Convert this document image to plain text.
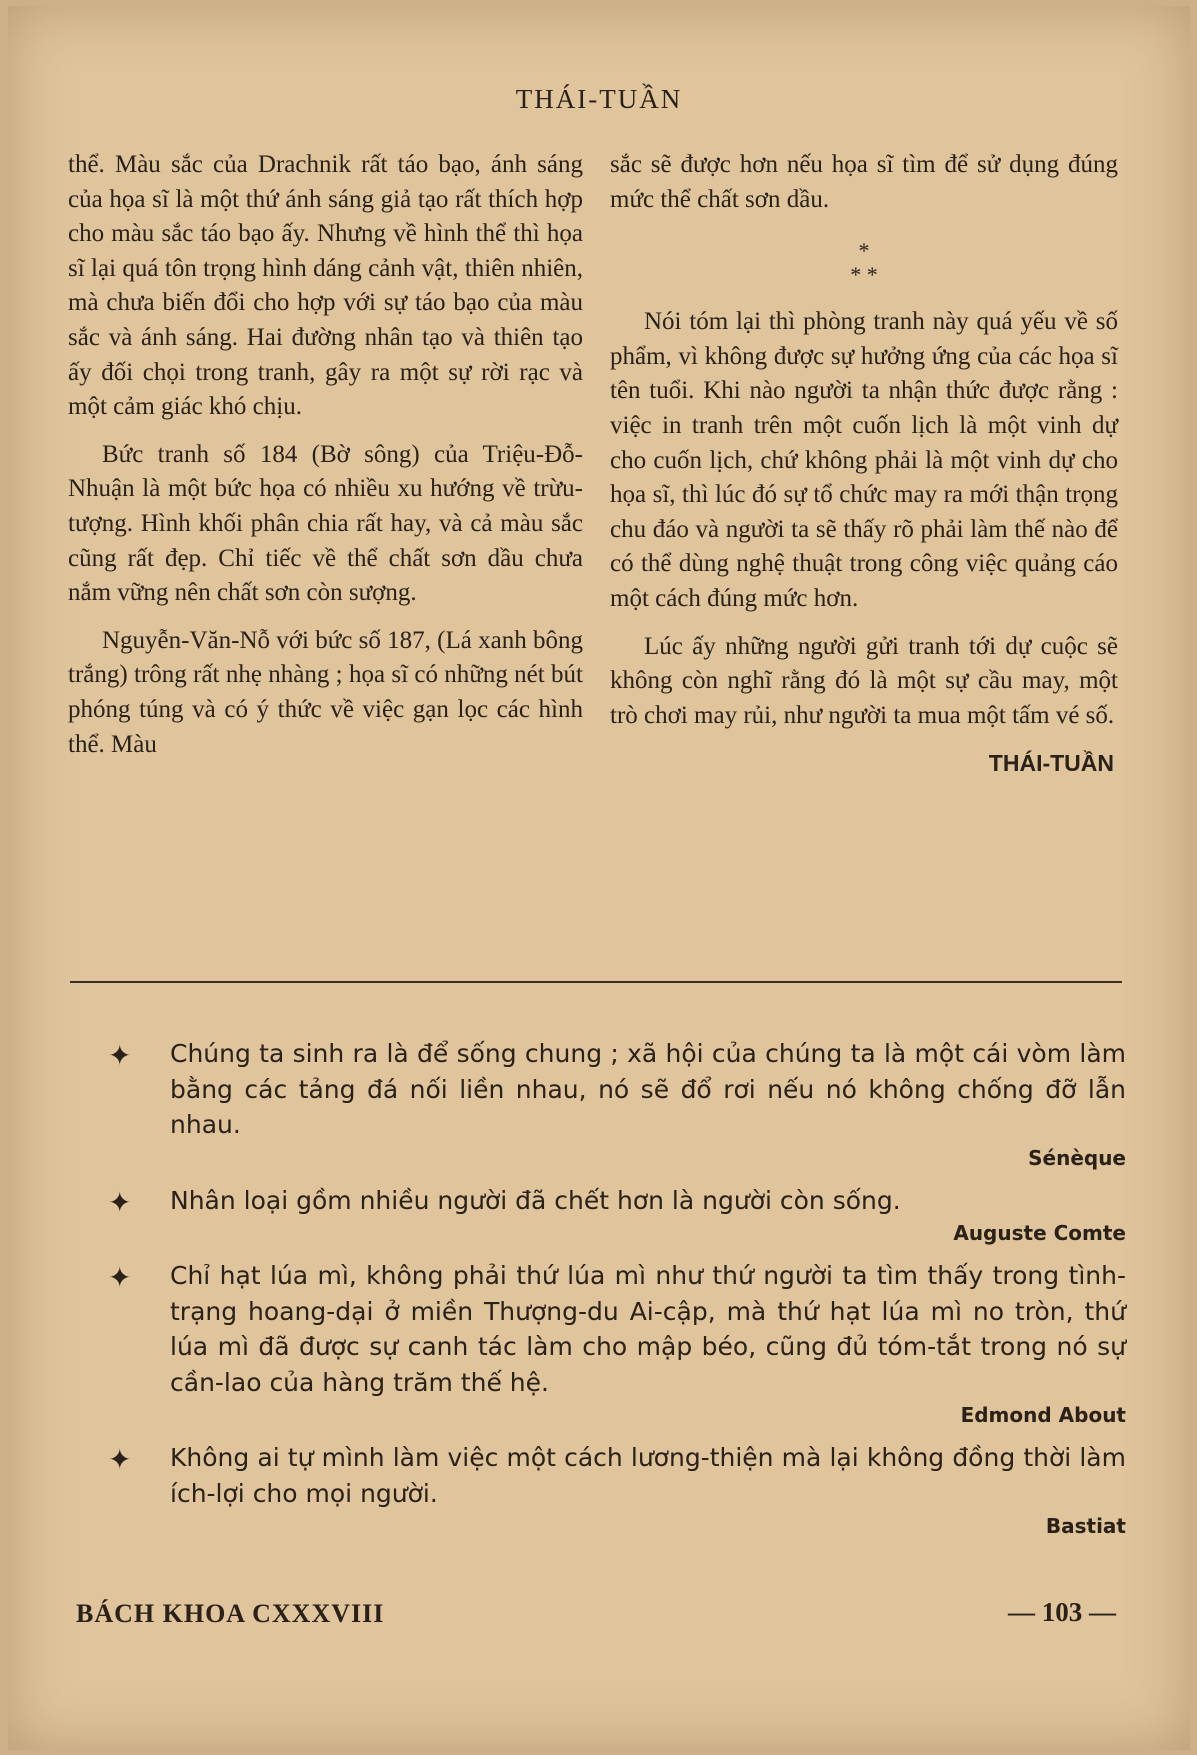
THÁI-TUẦN

thể. Màu sắc của Drachnik rất táo bạo, ánh sáng của họa sĩ là một thứ ánh sáng giả tạo rất thích hợp cho màu sắc táo bạo ấy. Nhưng về hình thể thì họa sĩ lại quá tôn trọng hình dáng cảnh vật, thiên nhiên, mà chưa biến đổi cho hợp với sự táo bạo của màu sắc và ánh sáng. Hai đường nhân tạo và thiên tạo ấy đối chọi trong tranh, gây ra một sự rời rạc và một cảm giác khó chịu.

Bức tranh số 184 (Bờ sông) của Triệu-Đỗ-Nhuận là một bức họa có nhiều xu hướng về trừu-tượng. Hình khối phân chia rất hay, và cả màu sắc cũng rất đẹp. Chỉ tiếc về thể chất sơn dầu chưa nắm vững nên chất sơn còn sượng.

Nguyễn-Văn-Nỗ với bức số 187, (Lá xanh bông trắng) trông rất nhẹ nhàng ; họa sĩ có những nét bút phóng túng và có ý thức về việc gạn lọc các hình thể. Màu

sắc sẽ được hơn nếu họa sĩ tìm để sử dụng đúng mức thể chất sơn dầu.

*
* *

Nói tóm lại thì phòng tranh này quá yếu về số phẩm, vì không được sự hưởng ứng của các họa sĩ tên tuổi. Khi nào người ta nhận thức được rằng : việc in tranh trên một cuốn lịch là một vinh dự cho cuốn lịch, chứ không phải là một vinh dự cho họa sĩ, thì lúc đó sự tổ chức may ra mới thận trọng chu đáo và người ta sẽ thấy rõ phải làm thế nào để có thể dùng nghệ thuật trong công việc quảng cáo một cách đúng mức hơn.

Lúc ấy những người gửi tranh tới dự cuộc sẽ không còn nghĩ rằng đó là một sự cầu may, một trò chơi may rủi, như người ta mua một tấm vé số.

THÁI-TUẦN
✦ Chúng ta sinh ra là để sống chung ; xã hội của chúng ta là một cái vòm làm bằng các tảng đá nối liền nhau, nó sẽ đổ rơi nếu nó không chống đỡ lẫn nhau.
Sénèque
✦ Nhân loại gồm nhiều người đã chết hơn là người còn sống.
Auguste Comte
✦ Chỉ hạt lúa mì, không phải thứ lúa mì như thứ người ta tìm thấy trong tình-trạng hoang-dại ở miền Thượng-du Ai-cập, mà thứ hạt lúa mì no tròn, thứ lúa mì đã được sự canh tác làm cho mập béo, cũng đủ tóm-tắt trong nó sự cần-lao của hàng trăm thế hệ.
Edmond About
✦ Không ai tự mình làm việc một cách lương-thiện mà lại không đồng thời làm ích-lợi cho mọi người.
Bastiat
BÁCH KHOA CXXXVIII	— 103 —
